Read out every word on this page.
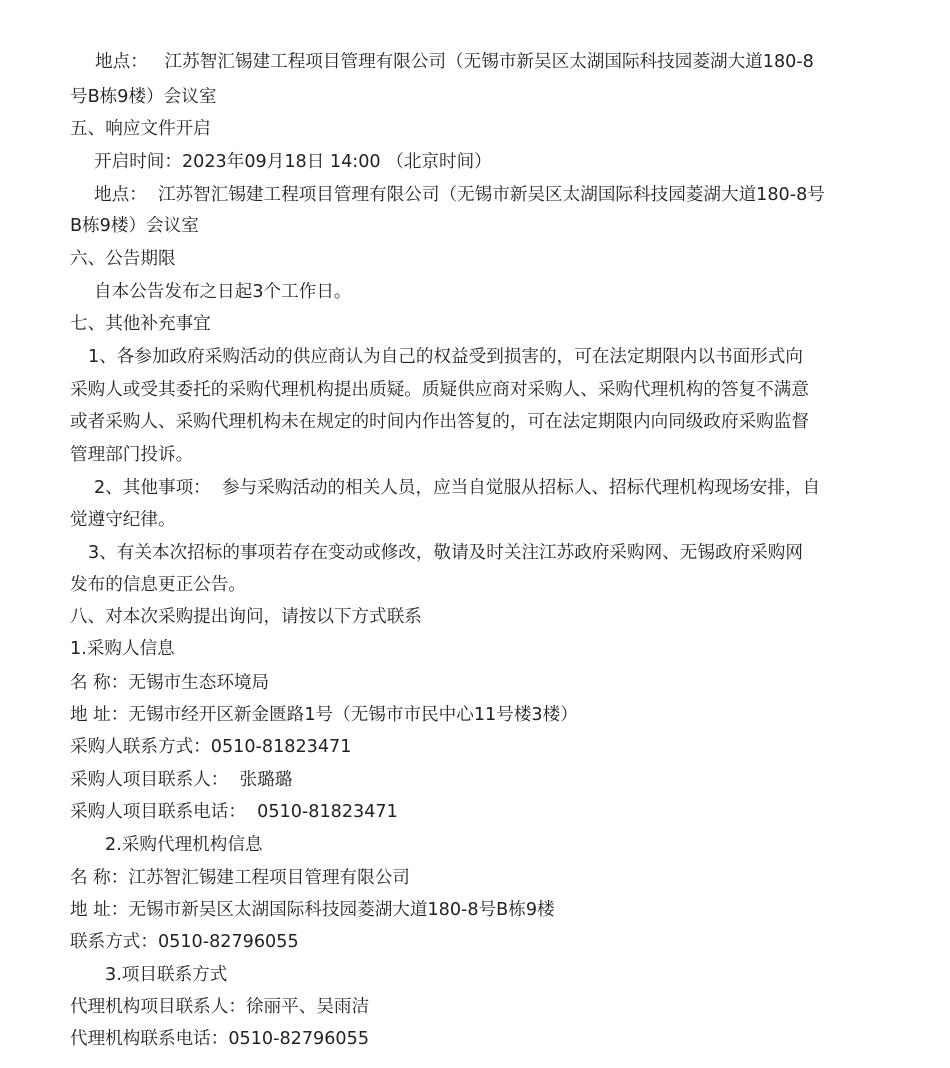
地点：   江苏智汇锡建工程项目管理有限公司（无锡市新吴区太湖国际科技园菱湖大道180-8
号B栋9楼）会议室
五、响应文件开启
开启时间：2023年09月18日 14:00 （北京时间）
地点：  江苏智汇锡建工程项目管理有限公司（无锡市新吴区太湖国际科技园菱湖大道180-8号
B栋9楼）会议室
六、公告期限
自本公告发布之日起3个工作日。
七、其他补充事宜
1、各参加政府采购活动的供应商认为自己的权益受到损害的，可在法定期限内以书面形式向
采购人或受其委托的采购代理机构提出质疑。质疑供应商对采购人、采购代理机构的答复不满意
或者采购人、采购代理机构未在规定的时间内作出答复的，可在法定期限内向同级政府采购监督
管理部门投诉。
2、其他事项：  参与采购活动的相关人员，应当自觉服从招标人、招标代理机构现场安排，自
觉遵守纪律。
3、有关本次招标的事项若存在变动或修改，敬请及时关注江苏政府采购网、无锡政府采购网
发布的信息更正公告。
八、对本次采购提出询问，请按以下方式联系
1.采购人信息
名 称：无锡市生态环境局
地 址：无锡市经开区新金匮路1号（无锡市市民中心11号楼3楼）
采购人联系方式：0510-81823471
采购人项目联系人：  张璐璐
采购人项目联系电话：  0510-81823471
2.采购代理机构信息
名 称：江苏智汇锡建工程项目管理有限公司
地 址：无锡市新吴区太湖国际科技园菱湖大道180-8号B栋9楼
联系方式：0510-82796055
3.项目联系方式
代理机构项目联系人：徐丽平、吴雨洁
代理机构联系电话：0510-82796055
